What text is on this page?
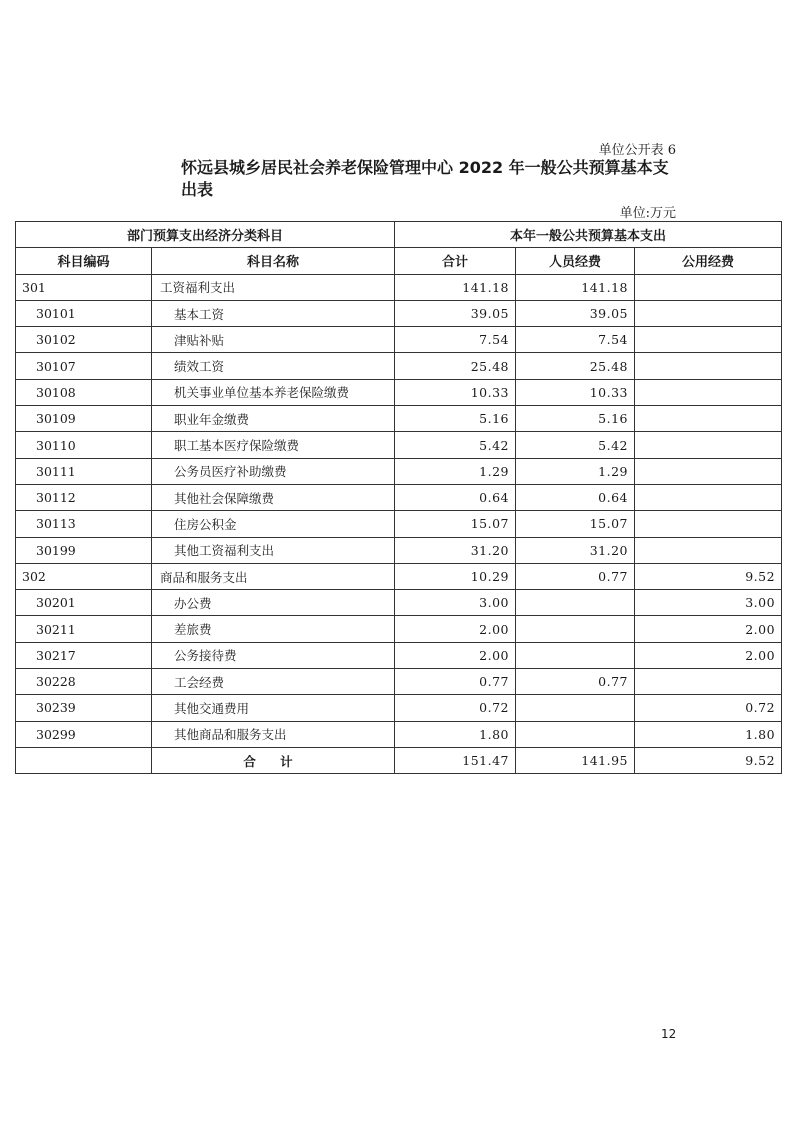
单位公开表 6
怀远县城乡居民社会养老保险管理中心 2022 年一般公共预算基本支出表
单位:万元
部门预算支出经济分类科目		本年一般公共预算基本支出		
科目编码	科目名称	合计	人员经费	公用经费
301	工资福利支出	141.18	141.18	
30101	基本工资	39.05	39.05	
30102	津贴补贴	7.54	7.54	
30107	绩效工资	25.48	25.48	
30108	机关事业单位基本养老保险缴费	10.33	10.33	
30109	职业年金缴费	5.16	5.16	
30110	职工基本医疗保险缴费	5.42	5.42	
30111	公务员医疗补助缴费	1.29	1.29	
30112	其他社会保障缴费	0.64	0.64	
30113	住房公积金	15.07	15.07	
30199	其他工资福利支出	31.20	31.20	
302	商品和服务支出	10.29	0.77	9.52
30201	办公费	3.00		3.00
30211	差旅费	2.00		2.00
30217	公务接待费	2.00		2.00
30228	工会经费	0.77	0.77	
30239	其他交通费用	0.72		0.72
30299	其他商品和服务支出	1.80		1.80
	合 计	151.47	141.95	9.52
12
